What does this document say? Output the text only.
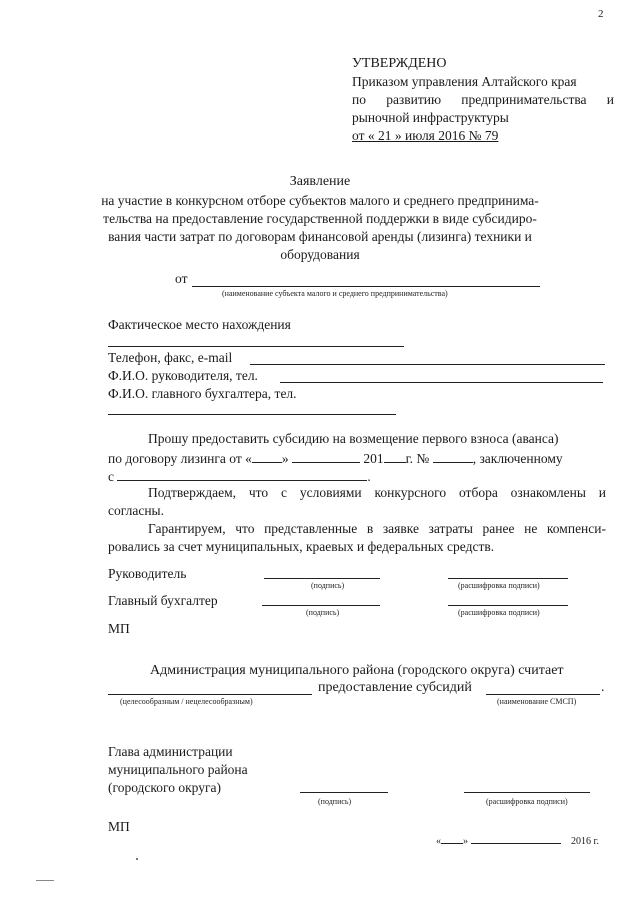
2
УТВЕРЖДЕНО
Приказом управления Алтайского края
по развитию предпринимательства и
рыночной инфраструктуры
от « 21 » июля 2016 № 79
Заявление
на участие в конкурсном отборе субъектов малого и среднего предпринима-
тельства на предоставление государственной поддержки в виде субсидиро-
вания части затрат по договорам финансовой аренды (лизинга) техники и
оборудования
от
(наименование субъекта малого и среднего предпринимательства)
Фактическое место нахождения
Телефон, факс, e-mail
Ф.И.О. руководителя, тел.
Ф.И.О. главного бухгалтера, тел.
Прошу предоставить субсидию на возмещение первого взноса (аванса)
по договору лизинга от « »	201 г. №	, заключенному
с	.
Подтверждаем, что с условиями конкурсного отбора ознакомлены и
согласны.
Гарантируем, что представленные в заявке затраты ранее не компенси-
ровались за счет муниципальных, краевых и федеральных средств.
Руководитель
(подпись)	(расшифровка подписи)
Главный бухгалтер
(подпись)	(расшифровка подписи)
МП
Администрация муниципального района (городского округа) считает
предоставление субсидий	.
(целесообразным / нецелесообразным)	(наименование СМСП)
Глава администрации
муниципального района
(городского округа)
(подпись)	(расшифровка подписи)
МП
« »	2016 г.
